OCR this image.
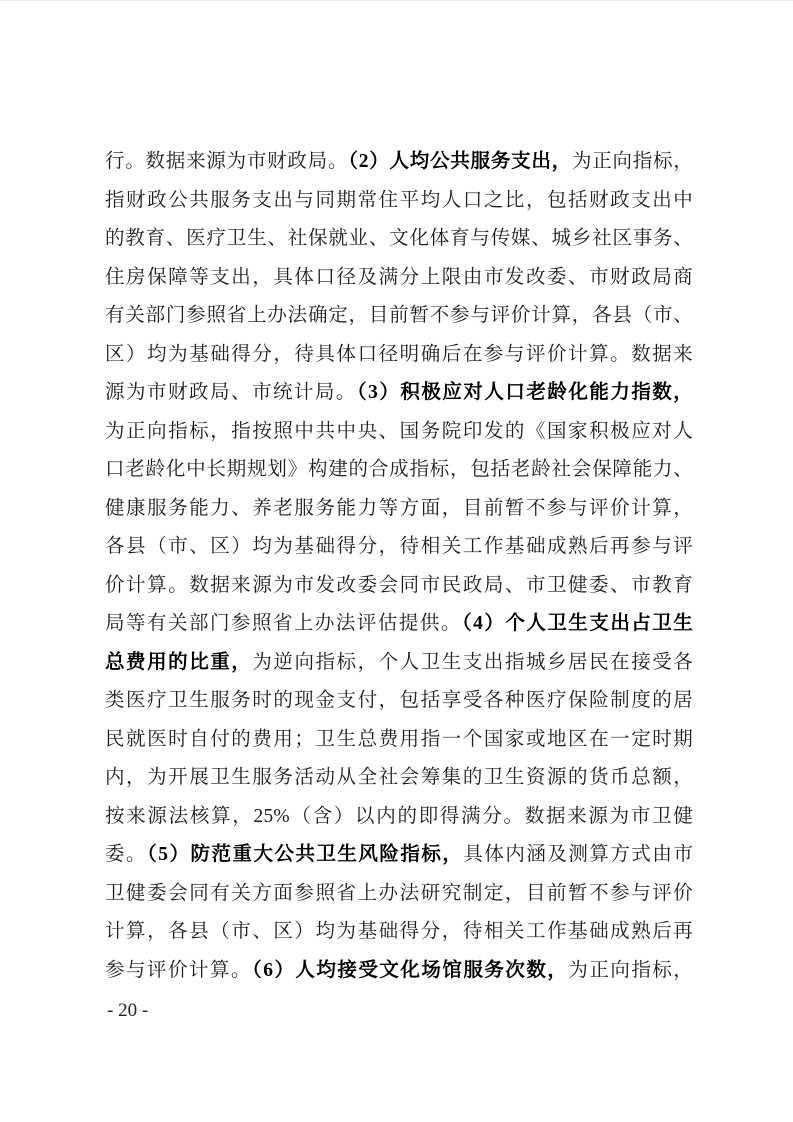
行。数据来源为市财政局。（2）人均公共服务支出，为正向指标，
指财政公共服务支出与同期常住平均人口之比，包括财政支出中
的教育、医疗卫生、社保就业、文化体育与传媒、城乡社区事务、
住房保障等支出，具体口径及满分上限由市发改委、市财政局商
有关部门参照省上办法确定，目前暂不参与评价计算，各县（市、
区）均为基础得分，待具体口径明确后在参与评价计算。数据来
源为市财政局、市统计局。（3）积极应对人口老龄化能力指数，
为正向指标，指按照中共中央、国务院印发的《国家积极应对人
口老龄化中长期规划》构建的合成指标，包括老龄社会保障能力、
健康服务能力、养老服务能力等方面，目前暂不参与评价计算，
各县（市、区）均为基础得分，待相关工作基础成熟后再参与评
价计算。数据来源为市发改委会同市民政局、市卫健委、市教育
局等有关部门参照省上办法评估提供。（4）个人卫生支出占卫生
总费用的比重，为逆向指标，个人卫生支出指城乡居民在接受各
类医疗卫生服务时的现金支付，包括享受各种医疗保险制度的居
民就医时自付的费用；卫生总费用指一个国家或地区在一定时期
内，为开展卫生服务活动从全社会筹集的卫生资源的货币总额，
按来源法核算，25%（含）以内的即得满分。数据来源为市卫健
委。（5）防范重大公共卫生风险指标，具体内涵及测算方式由市
卫健委会同有关方面参照省上办法研究制定，目前暂不参与评价
计算，各县（市、区）均为基础得分，待相关工作基础成熟后再
参与评价计算。（6）人均接受文化场馆服务次数，为正向指标，
- 20 -
